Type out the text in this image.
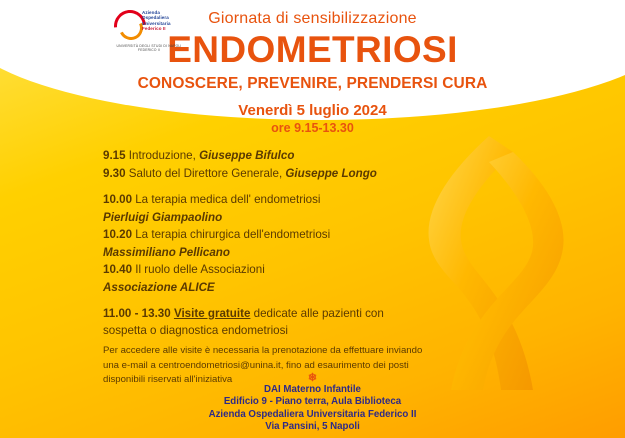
Azienda
Ospedaliera
Universitaria
Federico II
UNIVERSITÀ DEGLI STUDI DI NAPOLI FEDERICO II
Giornata di sensibilizzazione
ENDOMETRIOSI
CONOSCERE, PREVENIRE, PRENDERSI CURA
Venerdì 5 luglio 2024
ore 9.15-13.30
9.15 Introduzione, Giuseppe Bifulco
9.30 Saluto del Direttore Generale, Giuseppe Longo
10.00 La terapia medica dell' endometriosi
Pierluigi Giampaolino
10.20 La terapia chirurgica dell'endometriosi
Massimiliano Pellicano
10.40 Il ruolo delle Associazioni
Associazione ALICE
11.00 - 13.30 Visite gratuite dedicate alle pazienti con sospetta o diagnostica endometriosi
Per accedere alle visite è necessaria la prenotazione da effettuare inviando una e-mail a centroendometriosi@unina.it, fino ad esaurimento dei posti disponibili riservati all'iniziativa	❄
DAI Materno Infantile
Edificio 9 - Piano terra, Aula Biblioteca
Azienda Ospedaliera Universitaria Federico II
Via Pansini, 5 Napoli
